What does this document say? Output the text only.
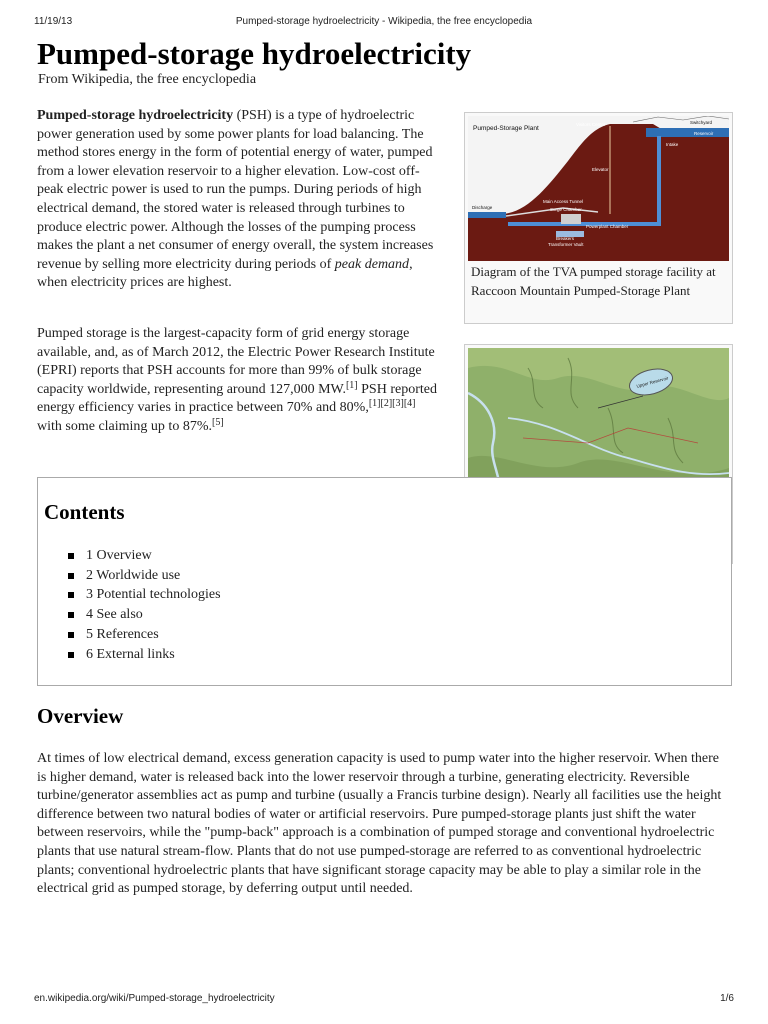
11/19/13	Pumped-storage hydroelectricity - Wikipedia, the free encyclopedia
Pumped-storage hydroelectricity
From Wikipedia, the free encyclopedia

Pumped-storage hydroelectricity (PSH) is a type of hydroelectric power generation used by some power plants for load balancing. The method stores energy in the form of potential energy of water, pumped from a lower elevation reservoir to a higher elevation. Low-cost off-peak electric power is used to run the pumps. During periods of high electrical demand, the stored water is released through turbines to produce electric power. Although the losses of the pumping process makes the plant a net consumer of energy overall, the system increases revenue by selling more electricity during periods of peak demand, when electricity prices are highest.

Pumped storage is the largest-capacity form of grid energy storage available, and, as of March 2012, the Electric Power Research Institute (EPRI) reports that PSH accounts for more than 99% of bulk storage capacity worldwide, representing around 127,000 MW.[1] PSH reported energy efficiency varies in practice between 70% and 80%,[1][2][3][4] with some claiming up to 87%.[5]

Pumped-Storage Plant
Visitors Center	Switchyard
Reservoir
Intake
Elevator
Main Access Tunnel
Surge Chamber
Discharge
Powerplant Chamber
Breakers
Transformer Vault
Diagram of the TVA pumped storage facility at Raccoon Mountain Pumped-Storage Plant
Upper Reservoir
Contents
1 Overview
2 Worldwide use
3 Potential technologies
4 See also
5 References
6 External links
Overview

At times of low electrical demand, excess generation capacity is used to pump water into the higher reservoir. When there is higher demand, water is released back into the lower reservoir through a turbine, generating electricity. Reversible turbine/generator assemblies act as pump and turbine (usually a Francis turbine design). Nearly all facilities use the height difference between two natural bodies of water or artificial reservoirs. Pure pumped-storage plants just shift the water between reservoirs, while the "pump-back" approach is a combination of pumped storage and conventional hydroelectric plants that use natural stream-flow. Plants that do not use pumped-storage are referred to as conventional hydroelectric plants; conventional hydroelectric plants that have significant storage capacity may be able to play a similar role in the electrical grid as pumped storage, by deferring output until needed.

en.wikipedia.org/wiki/Pumped-storage_hydroelectricity	1/6
